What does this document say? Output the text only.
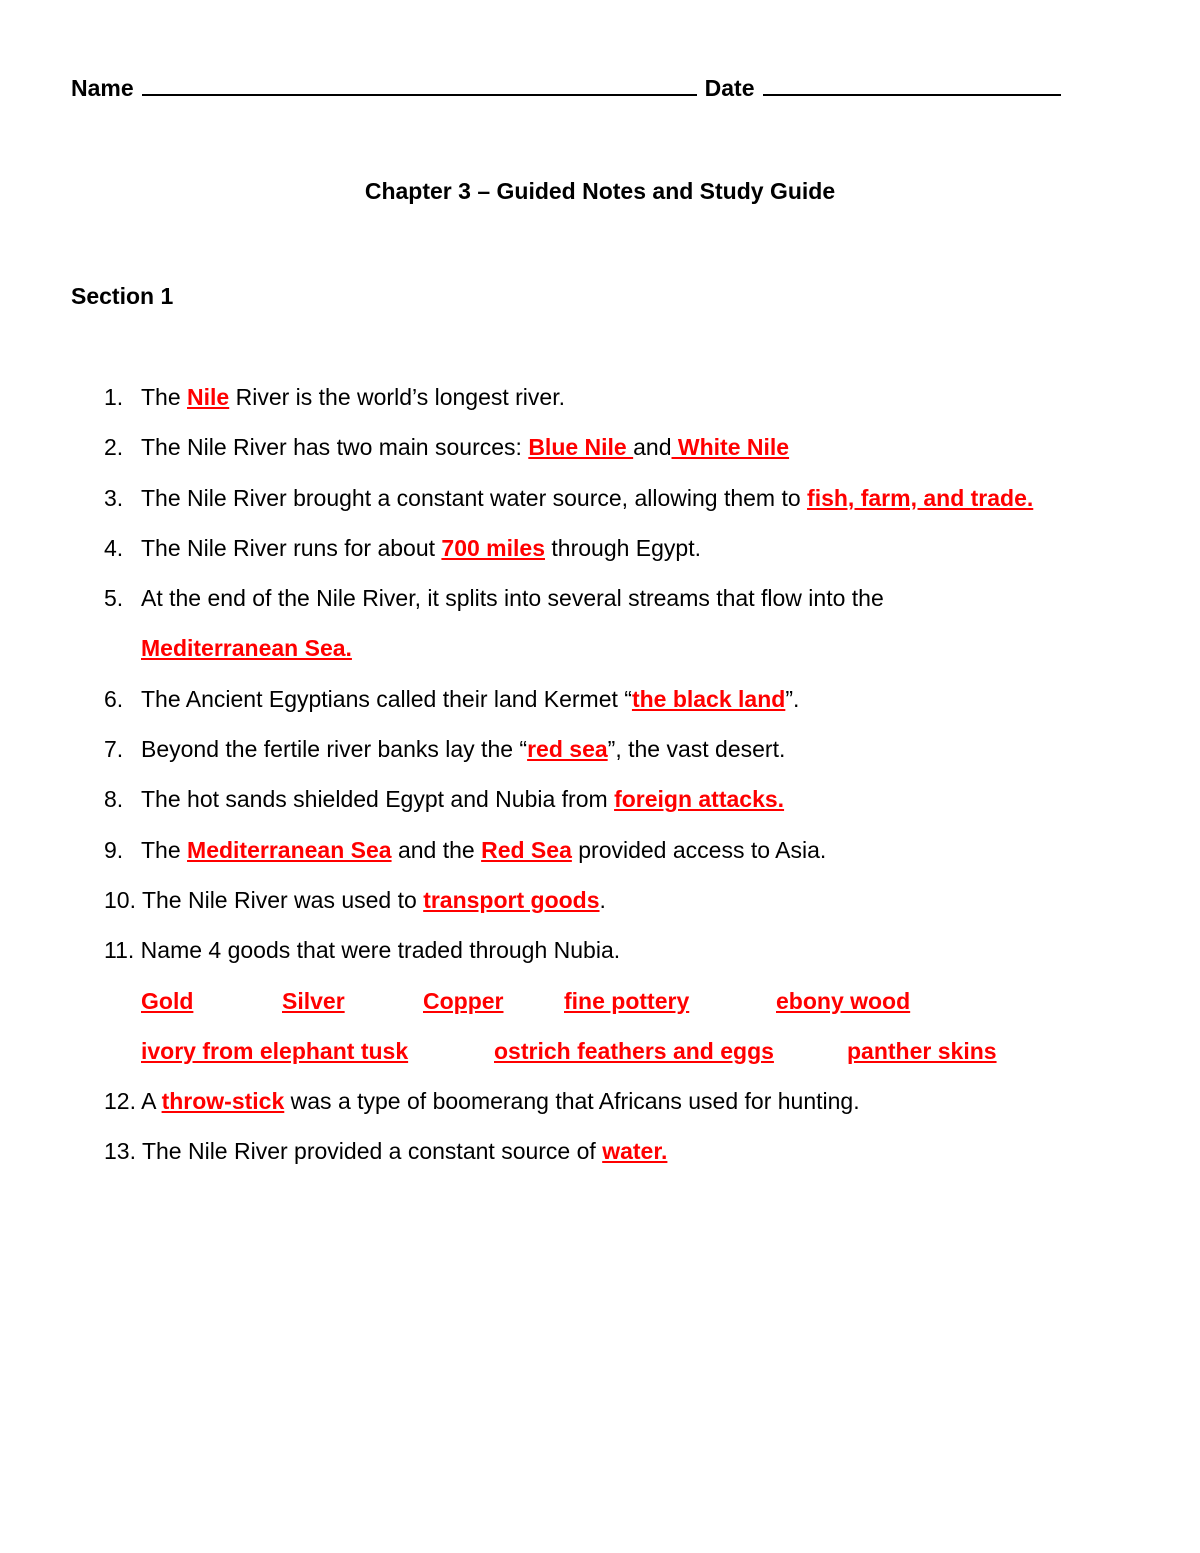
Name	Date
Chapter 3 – Guided Notes and Study Guide
Section 1
1. The Nile River is the world’s longest river.
2. The Nile River has two main sources: Blue Nile and White Nile
3. The Nile River brought a constant water source, allowing them to fish, farm, and trade.
4. The Nile River runs for about 700 miles through Egypt.
5. At the end of the Nile River, it splits into several streams that flow into the
Mediterranean Sea.
6. The Ancient Egyptians called their land Kermet “the black land”.
7. Beyond the fertile river banks lay the “red sea”, the vast desert.
8. The hot sands shielded Egypt and Nubia from foreign attacks.
9. The Mediterranean Sea and the Red Sea provided access to Asia.
10. The Nile River was used to transport goods.
11. Name 4 goods that were traded through Nubia.
Gold	Silver	Copper	fine pottery	ebony wood
ivory from elephant tusk	ostrich feathers and eggs	panther skins
12. A throw-stick was a type of boomerang that Africans used for hunting.
13. The Nile River provided a constant source of water.
